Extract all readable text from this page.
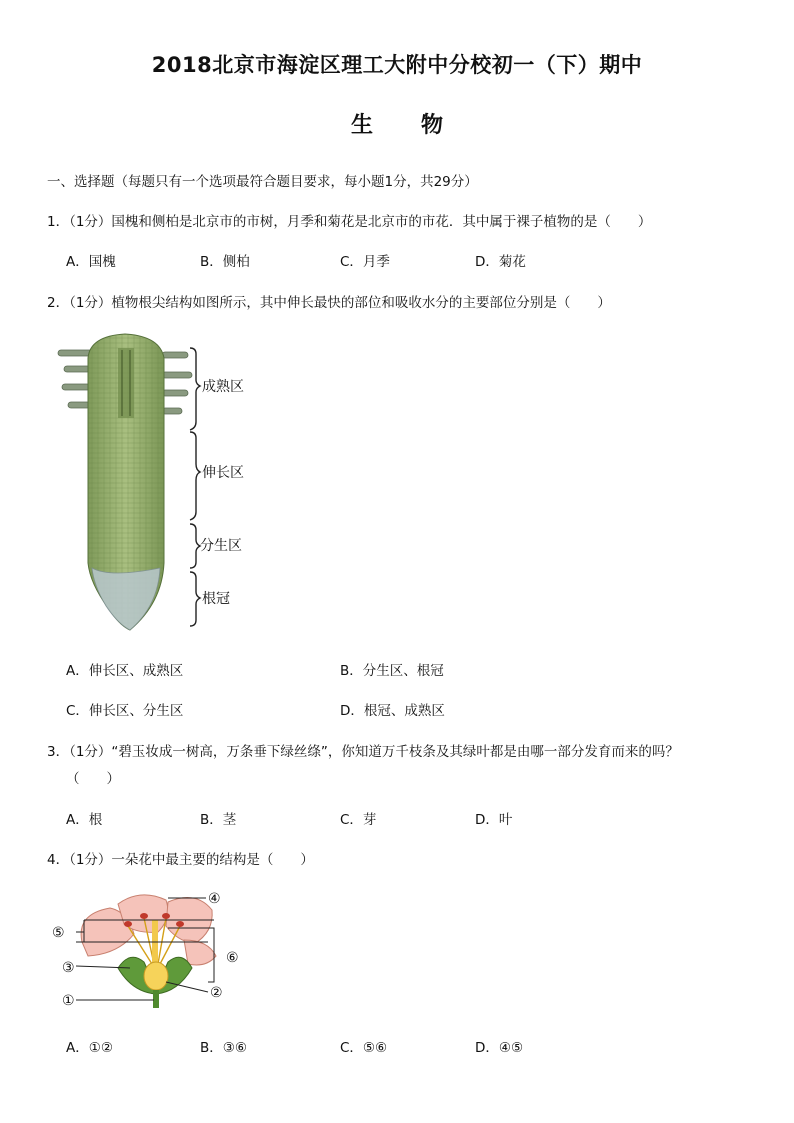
2018北京市海淀区理工大附中分校初一（下）期中
生 物
一、选择题（每题只有一个选项最符合题目要求，每小题1分，共29分）
1．（1分）国槐和侧柏是北京市的市树，月季和菊花是北京市的市花．其中属于裸子植物的是（　　）
A．国槐	B．侧柏	C．月季	D．菊花
2．（1分）植物根尖结构如图所示，其中伸长最快的部位和吸收水分的主要部位分别是（　　）
成熟区
伸长区
分生区
根冠
A．伸长区、成熟区	B．分生区、根冠
C．伸长区、分生区	D．根冠、成熟区
3．（1分）“碧玉妆成一树高，万条垂下绿丝绦”，你知道万千枝条及其绿叶都是由哪一部分发育而来的吗？
（　　）
A．根	B．茎	C．芽	D．叶
4．（1分）一朵花中最主要的结构是（　　）
④
⑤
⑥
③
②
①
A．①②	B．③⑥	C．⑤⑥	D．④⑤
